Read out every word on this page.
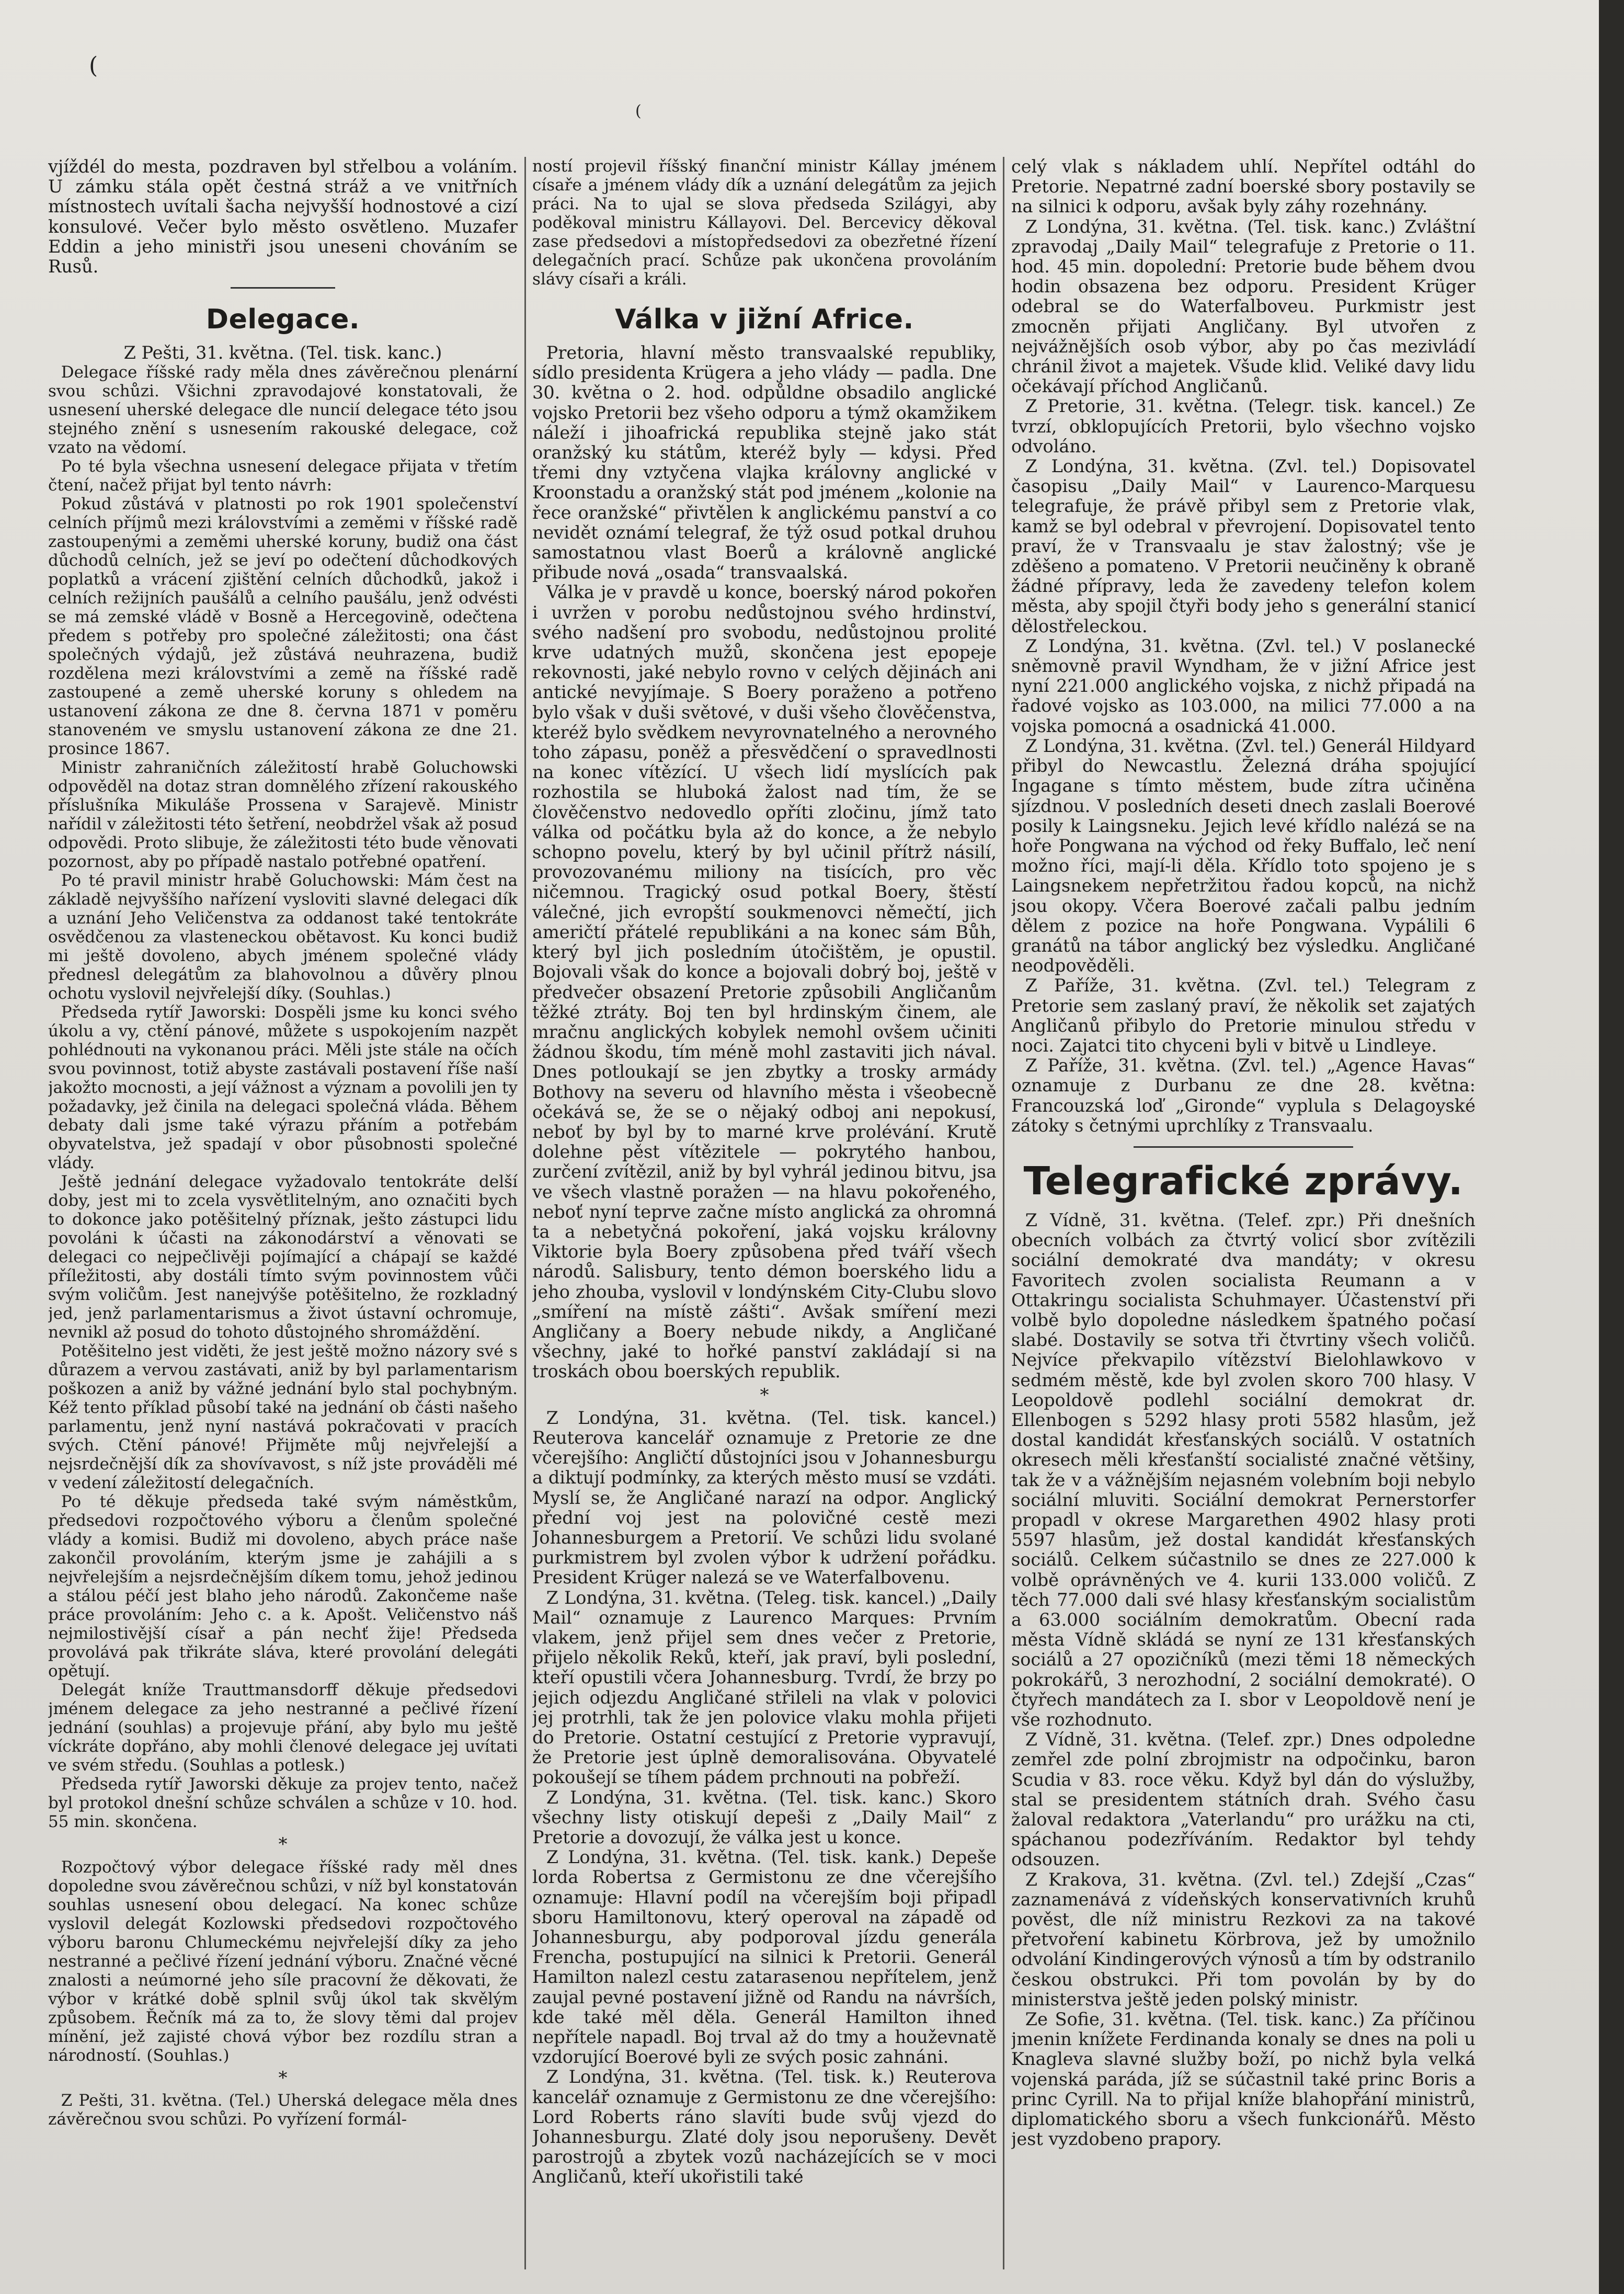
(
(

vjíždél do mesta, pozdraven byl střelbou a voláním. U zámku stála opět čestná stráž a ve vnitřních místnostech uvítali šacha nejvyšší hodnostové a cizí konsulové. Večer bylo město osvětleno. Muzafer Eddin a jeho ministři jsou uneseni chováním se Rusů.

Delegace.

Z Pešti, 31. května. (Tel. tisk. kanc.)

Delegace říšské rady měla dnes závěrečnou plenární svou schůzi. Všichni zpravodajové konstatovali, že usnesení uherské delegace dle nuncií delegace této jsou stejného znění s usnesením rakouské delegace, což vzato na vědomí.

Po té byla všechna usnesení delegace přijata v třetím čtení, načež přijat byl tento návrh:

Pokud zůstává v platnosti po rok 1901 společenství celních příjmů mezi královstvími a zeměmi v říšské radě zastoupenými a zeměmi uherské koruny, budiž ona část důchodů celních, jež se jeví po odečtení důchodkových poplatků a vrácení zjištění celních důchodků, jakož i celních režijních paušálů a celního paušálu, jenž odvésti se má zemské vládě v Bosně a Hercegovině, odečtena předem s potřeby pro společné záležitosti; ona část společných výdajů, jež zůstává neuhrazena, budiž rozdělena mezi královstvími a země na říšské radě zastoupené a země uherské koruny s ohledem na ustanovení zákona ze dne 8. června 1871 v poměru stanoveném ve smyslu ustanovení zákona ze dne 21. prosince 1867.

Ministr zahraničních záležitostí hrabě Goluchowski odpověděl na dotaz stran domnělého zřízení rakouského příslušníka Mikuláše Prossena v Sarajevě. Ministr nařídil v záležitosti této šetření, neobdržel však až posud odpovědi. Proto slibuje, že záležitosti této bude věnovati pozornost, aby po případě nastalo potřebné opatření.

Po té pravil ministr hrabě Goluchowski: Mám čest na základě nejvyššího nařízení vysloviti slavné delegaci dík a uznání Jeho Veličenstva za oddanost také tentokráte osvědčenou za vlasteneckou obětavost. Ku konci budiž mi ještě dovoleno, abych jménem společné vlády přednesl delegátům za blahovolnou a důvěry plnou ochotu vyslovil nejvřelejší díky. (Souhlas.)

Předseda rytíř Jaworski: Dospěli jsme ku konci svého úkolu a vy, ctění pánové, můžete s uspokojením nazpět pohlédnouti na vykonanou práci. Měli jste stále na očích svou povinnost, totiž abyste zastávali postavení říše naší jakožto mocnosti, a její vážnost a význam a povolili jen ty požadavky, jež činila na delegaci společná vláda. Během debaty dali jsme také výrazu přáním a potřebám obyvatelstva, jež spadají v obor působnosti společné vlády.

Ještě jednání delegace vyžadovalo tentokráte delší doby, jest mi to zcela vysvětlitelným, ano označiti bych to dokonce jako potěšitelný příznak, ješto zástupci lidu povoláni k účasti na zákonodárství a věnovati se delegaci co nejpečlivěji pojímající a chápají se každé příležitosti, aby dostáli tímto svým povinnostem vůči svým voličům. Jest nanejvýše potěšitelno, že rozkladný jed, jenž parlamentarismus a život ústavní ochromuje, nevnikl až posud do tohoto důstojného shromáždění.

Potěšitelno jest viděti, že jest ještě možno názory své s důrazem a vervou zastávati, aniž by byl parlamentarism poškozen a aniž by vážné jednání bylo stal pochybným. Kéž tento příklad působí také na jednání ob části našeho parlamentu, jenž nyní nastává pokračovati v pracích svých. Ctění pánové! Přijměte můj nejvřelejší a nejsrdečnější dík za shovívavost, s níž jste prováděli mé v vedení záležitostí delegačních.

Po té děkuje předseda také svým náměstkům, předsedovi rozpočtového výboru a členům společné vlády a komisi. Budiž mi dovoleno, abych práce naše zakončil provoláním, kterým jsme je zahájili a s nejvřelejším a nejsrdečnějším díkem tomu, jehož jedinou a stálou péčí jest blaho jeho národů. Zakončeme naše práce provoláním: Jeho c. a k. Apošt. Veličenstvo náš nejmilostivější císař a pán nechť žije! Předseda provolává pak třikráte sláva, které provolání delegáti opětují.

Delegát kníže Trauttmansdorff děkuje předsedovi jménem delegace za jeho nestranné a pečlivé řízení jednání (souhlas) a projevuje přání, aby bylo mu ještě víckráte dopřáno, aby mohli členové delegace jej uvítati ve svém středu. (Souhlas a potlesk.)

Předseda rytíř Jaworski děkuje za projev tento, načež byl protokol dnešní schůze schválen a schůze v 10. hod. 55 min. skončena.

*

Rozpočtový výbor delegace říšské rady měl dnes dopoledne svou závěrečnou schůzi, v níž byl konstatován souhlas usnesení obou delegací. Na konec schůze vyslovil delegát Kozlowski předsedovi rozpočtového výboru baronu Chlumeckému nejvřelejší díky za jeho nestranné a pečlivé řízení jednání výboru. Značné věcné znalosti a neúmorné jeho síle pracovní že děkovati, že výbor v krátké době splnil svůj úkol tak skvělým způsobem. Řečník má za to, že slovy těmi dal projev mínění, jež zajisté chová výbor bez rozdílu stran a národností. (Souhlas.)

*

Z Pešti, 31. května. (Tel.) Uherská delegace měla dnes závěrečnou svou schůzi. Po vyřízení formál-

ností projevil říšský finanční ministr Kállay jménem císaře a jménem vlády dík a uznání delegátům za jejich práci. Na to ujal se slova předseda Szilágyi, aby poděkoval ministru Kállayovi. Del. Bercevicy děkoval zase předsedovi a místopředsedovi za obezřetné řízení delegačních prací. Schůze pak ukončena provoláním slávy císaři a králi.

Válka v jižní Africe.

Pretoria, hlavní město transvaalské republiky, sídlo presidenta Krügera a jeho vlády — padla. Dne 30. května o 2. hod. odpůldne obsadilo anglické vojsko Pretorii bez všeho odporu a týmž okamžikem náleží i jihoafrická republika stejně jako stát oranžský ku státům, kteréž byly — kdysi. Před třemi dny vztyčena vlajka královny anglické v Kroonstadu a oranžský stát pod jménem „kolonie na řece oranžské“ přivtělen k anglickému panství a co nevidět oznámí telegraf, že týž osud potkal druhou samostatnou vlast Boerů a královně anglické přibude nová „osada“ transvaalská.

Válka je v pravdě u konce, boerský národ pokořen i uvržen v porobu nedůstojnou svého hrdinství, svého nadšení pro svobodu, nedůstojnou prolité krve udatných mužů, skončena jest epopeje rekovnosti, jaké nebylo rovno v celých dějinách ani antické nevyjímaje. S Boery poraženo a potřeno bylo však v duši světové, v duši všeho člověčenstva, kteréž bylo svědkem nevyrovnatelného a nerovného toho zápasu, poněž a přesvědčení o spravedlnosti na konec vítězící. U všech lidí myslících pak rozhostila se hluboká žalost nad tím, že se člověčenstvo nedovedlo opříti zločinu, jímž tato válka od počátku byla až do konce, a že nebylo schopno povelu, který by byl učinil přítrž násilí, provozovanému miliony na tisících, pro věc ničemnou. Tragický osud potkal Boery, štěstí válečné, jich evropští soukmenovci němečtí, jich američtí přátelé republikáni a na konec sám Bůh, který byl jich posledním útočištěm, je opustil. Bojovali však do konce a bojovali dobrý boj, ještě v předvečer obsazení Pretorie způsobili Angličanům těžké ztráty. Boj ten byl hrdinským činem, ale mračnu anglických kobylek nemohl ovšem učiniti žádnou škodu, tím méně mohl zastaviti jich nával. Dnes potloukají se jen zbytky a trosky armády Bothovy na severu od hlavního města i všeobecně očekává se, že se o nějaký odboj ani nepokusí, neboť by byl by to marné krve prolévání. Krutě dolehne pěst vítězitele — pokrytého hanbou, zurčení zvítězil, aniž by byl vyhrál jedinou bitvu, jsa ve všech vlastně poražen — na hlavu pokořeného, neboť nyní teprve začne místo anglická za ohromná ta a nebetyčná pokoření, jaká vojsku královny Viktorie byla Boery způsobena před tváří všech národů. Salisbury, tento démon boerského lidu a jeho zhouba, vyslovil v londýnském City-Clubu slovo „smíření na místě zášti“. Avšak smíření mezi Angličany a Boery nebude nikdy, a Angličané všechny, jaké to hořké panství zakládají si na troskách obou boerských republik.

*

Z Londýna, 31. května. (Tel. tisk. kancel.) Reuterova kancelář oznamuje z Pretorie ze dne včerejšího: Angličtí důstojníci jsou v Johannesburgu a diktují podmínky, za kterých město musí se vzdáti. Myslí se, že Angličané narazí na odpor. Anglický přední voj jest na polovičné cestě mezi Johannesburgem a Pretorií. Ve schůzi lidu svolané purkmistrem byl zvolen výbor k udržení pořádku. President Krüger nalezá se ve Waterfalbovenu.

Z Londýna, 31. května. (Teleg. tisk. kancel.) „Daily Mail“ oznamuje z Laurenco Marques: Prvním vlakem, jenž přijel sem dnes večer z Pretorie, přijelo několik Reků, kteří, jak praví, byli poslední, kteří opustili včera Johannesburg. Tvrdí, že brzy po jejich odjezdu Angličané střileli na vlak v polovici jej protrhli, tak že jen polovice vlaku mohla přijeti do Pretorie. Ostatní cestující z Pretorie vypravují, že Pretorie jest úplně demoralisována. Obyvatelé pokoušejí se tíhem pádem prchnouti na pobřeží.

Z Londýna, 31. května. (Tel. tisk. kanc.) Skoro všechny listy otiskují depeši z „Daily Mail“ z Pretorie a dovozují, že válka jest u konce.

Z Londýna, 31. května. (Tel. tisk. kank.) Depeše lorda Robertsa z Germistonu ze dne včerejšího oznamuje: Hlavní podíl na včerejším boji připadl sboru Hamiltonovu, který operoval na západě od Johannesburgu, aby podporoval jízdu generála Frencha, postupující na silnici k Pretorii. Generál Hamilton nalezl cestu zatarasenou nepřítelem, jenž zaujal pevné postavení jižně od Randu na návrších, kde také měl děla. Generál Hamilton ihned nepřítele napadl. Boj trval až do tmy a houževnatě vzdorující Boerové byli ze svých posic zahnáni.

Z Londýna, 31. května. (Tel. tisk. k.) Reuterova kancelář oznamuje z Germistonu ze dne včerejšího: Lord Roberts ráno slavíti bude svůj vjezd do Johannesburgu. Zlaté doly jsou neporušeny. Devět parostrojů a zbytek vozů nacházejících se v moci Angličanů, kteří ukořistili také

celý vlak s nákladem uhlí. Nepřítel odtáhl do Pretorie. Nepatrné zadní boerské sbory postavily se na silnici k odporu, avšak byly záhy rozehnány.

Z Londýna, 31. května. (Tel. tisk. kanc.) Zvláštní zpravodaj „Daily Mail“ telegrafuje z Pretorie o 11. hod. 45 min. dopolední: Pretorie bude během dvou hodin obsazena bez odporu. President Krüger odebral se do Waterfalboveu. Purkmistr jest zmocněn přijati Angličany. Byl utvořen z nejvážnějších osob výbor, aby po čas mezivládí chránil život a majetek. Všude klid. Veliké davy lidu očekávají příchod Angličanů.

Z Pretorie, 31. května. (Telegr. tisk. kancel.) Ze tvrzí, obklopujících Pretorii, bylo všechno vojsko odvoláno.

Z Londýna, 31. května. (Zvl. tel.) Dopisovatel časopisu „Daily Mail“ v Laurenco-Marquesu telegrafuje, že právě přibyl sem z Pretorie vlak, kamž se byl odebral v převrojení. Dopisovatel tento praví, že v Transvaalu je stav žalostný; vše je zděšeno a pomateno. V Pretorii neučiněny k obraně žádné přípravy, leda že zavedeny telefon kolem města, aby spojil čtyři body jeho s generální stanicí dělostřeleckou.

Z Londýna, 31. května. (Zvl. tel.) V poslanecké sněmovně pravil Wyndham, že v jižní Africe jest nyní 221.000 anglického vojska, z nichž připadá na řadové vojsko as 103.000, na milici 77.000 a na vojska pomocná a osadnická 41.000.

Z Londýna, 31. května. (Zvl. tel.) Generál Hildyard přibyl do Newcastlu. Železná dráha spojující Ingagane s tímto městem, bude zítra učiněna sjízdnou. V posledních deseti dnech zaslali Boerové posily k Laingsneku. Jejich levé křídlo nalézá se na hoře Pongwana na východ od řeky Buffalo, leč není možno říci, mají-li děla. Křídlo toto spojeno je s Laingsnekem nepřetržitou řadou kopců, na nichž jsou okopy. Včera Boerové začali palbu jedním dělem z pozice na hoře Pongwana. Vypálili 6 granátů na tábor anglický bez výsledku. Angličané neodpověděli.

Z Paříže, 31. května. (Zvl. tel.) Telegram z Pretorie sem zaslaný praví, že několik set zajatých Angličanů přibylo do Pretorie minulou středu v noci. Zajatci tito chyceni byli v bitvě u Lindleye.

Z Paříže, 31. května. (Zvl. tel.) „Agence Havas“ oznamuje z Durbanu ze dne 28. května: Francouzská loď „Gironde“ vyplula s Delagoyské zátoky s četnými uprchlíky z Transvaalu.

Telegrafické zprávy.

Z Vídně, 31. května. (Telef. zpr.) Při dnešních obecních volbách za čtvrtý volicí sbor zvítězili sociální demokraté dva mandáty; v okresu Favoritech zvolen socialista Reumann a v Ottakringu socialista Schuhmayer. Účastenství při volbě bylo dopoledne následkem špatného počasí slabé. Dostavily se sotva tři čtvrtiny všech voličů. Nejvíce překvapilo vítězství Bielohlawkovo v sedmém městě, kde byl zvolen skoro 700 hlasy. V Leopoldově podlehl sociální demokrat dr. Ellenbogen s 5292 hlasy proti 5582 hlasům, jež dostal kandidát křesťanských sociálů. V ostatních okresech měli křesťanští socialisté značné většiny, tak že v a vážnějším nejasném volebním boji nebylo sociální mluviti. Sociální demokrat Pernerstorfer propadl v okrese Margarethen 4902 hlasy proti 5597 hlasům, jež dostal kandidát křesťanských sociálů. Celkem súčastnilo se dnes ze 227.000 k volbě oprávněných ve 4. kurii 133.000 voličů. Z těch 77.000 dali své hlasy křesťanským socialistům a 63.000 sociálním demokratům. Obecní rada města Vídně skládá se nyní ze 131 křesťanských sociálů a 27 opozičníků (mezi těmi 18 německých pokrokářů, 3 nerozhodní, 2 sociální demokraté). O čtyřech mandátech za I. sbor v Leopoldově není je vše rozhodnuto.

Z Vídně, 31. května. (Telef. zpr.) Dnes odpoledne zemřel zde polní zbrojmistr na odpočinku, baron Scudia v 83. roce věku. Když byl dán do výslužby, stal se presidentem státních drah. Svého času žaloval redaktora „Vaterlandu“ pro urážku na cti, spáchanou podezříváním. Redaktor byl tehdy odsouzen.

Z Krakova, 31. května. (Zvl. tel.) Zdejší „Czas“ zaznamenává z vídeňských konservativních kruhů pověst, dle níž ministru Rezkovi za na takové přetvoření kabinetu Körbrova, jež by umožnilo odvolání Kindingerových výnosů a tím by odstranilo českou obstrukci. Při tom povolán by by do ministerstva ještě jeden polský ministr.

Ze Sofie, 31. května. (Tel. tisk. kanc.) Za příčinou jmenin knížete Ferdinanda konaly se dnes na poli u Knagleva slavné služby boží, po nichž byla velká vojenská paráda, jíž se súčastnil také princ Boris a princ Cyrill. Na to přijal kníže blahopřání ministrů, diplomatického sboru a všech funkcionářů. Město jest vyzdobeno prapory.
